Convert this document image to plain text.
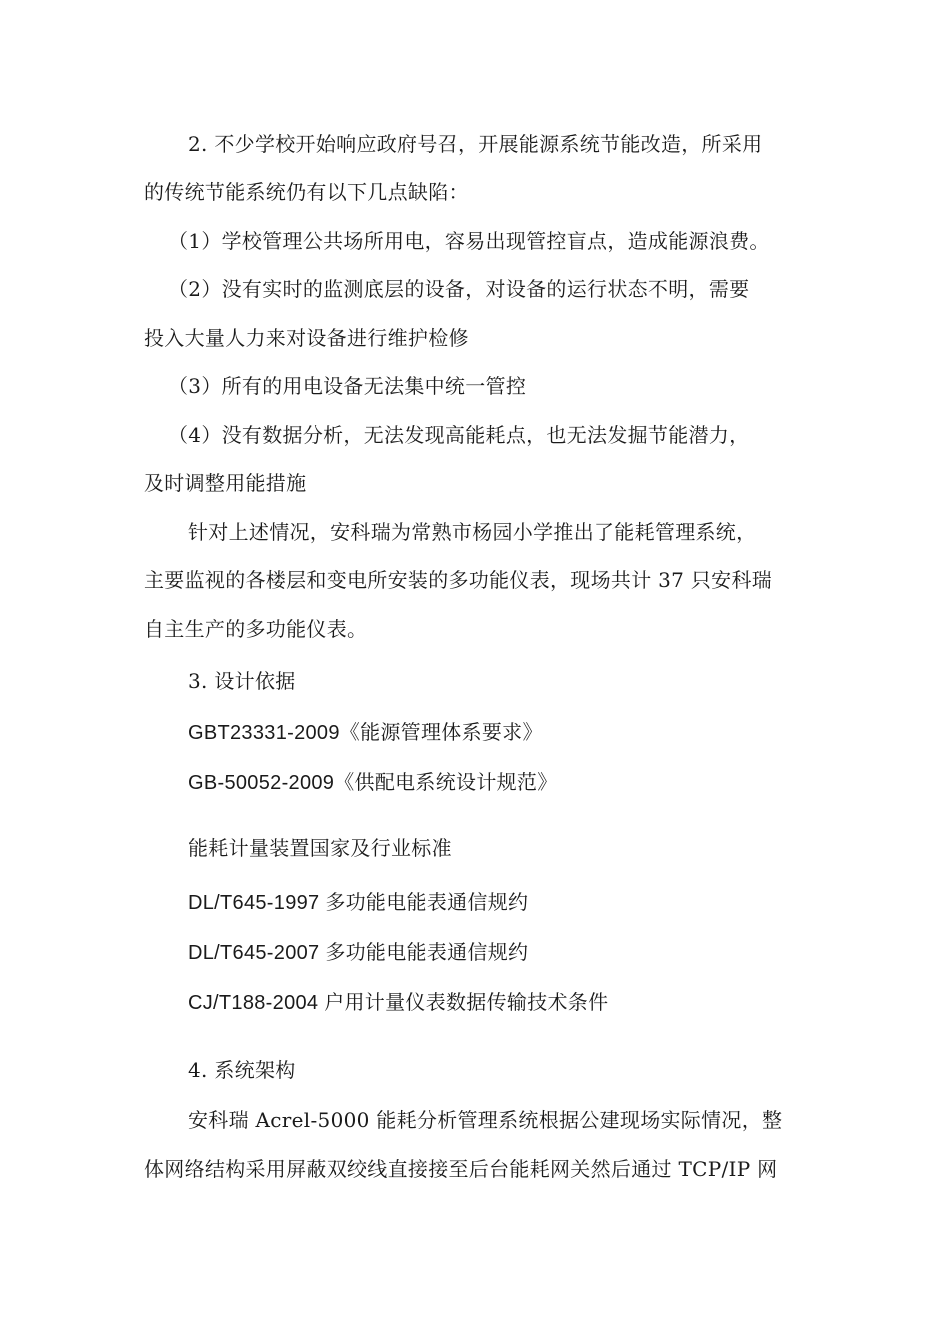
2. 不少学校开始响应政府号召，开展能源系统节能改造，所采用
的传统节能系统仍有以下几点缺陷：
（1）学校管理公共场所用电，容易出现管控盲点，造成能源浪费。
（2）没有实时的监测底层的设备，对设备的运行状态不明，需要
投入大量人力来对设备进行维护检修
（3）所有的用电设备无法集中统一管控
（4）没有数据分析，无法发现高能耗点，也无法发掘节能潜力，
及时调整用能措施
针对上述情况，安科瑞为常熟市杨园小学推出了能耗管理系统，
主要监视的各楼层和变电所安装的多功能仪表，现场共计 37 只安科瑞
自主生产的多功能仪表。
3. 设计依据
GBT23331-2009《能源管理体系要求》
GB-50052-2009《供配电系统设计规范》
能耗计量装置国家及行业标准
DL/T645-1997 多功能电能表通信规约
DL/T645-2007 多功能电能表通信规约
CJ/T188-2004 户用计量仪表数据传输技术条件
4. 系统架构
安科瑞 Acrel-5000 能耗分析管理系统根据公建现场实际情况，整
体网络结构采用屏蔽双绞线直接接至后台能耗网关然后通过 TCP/IP 网
